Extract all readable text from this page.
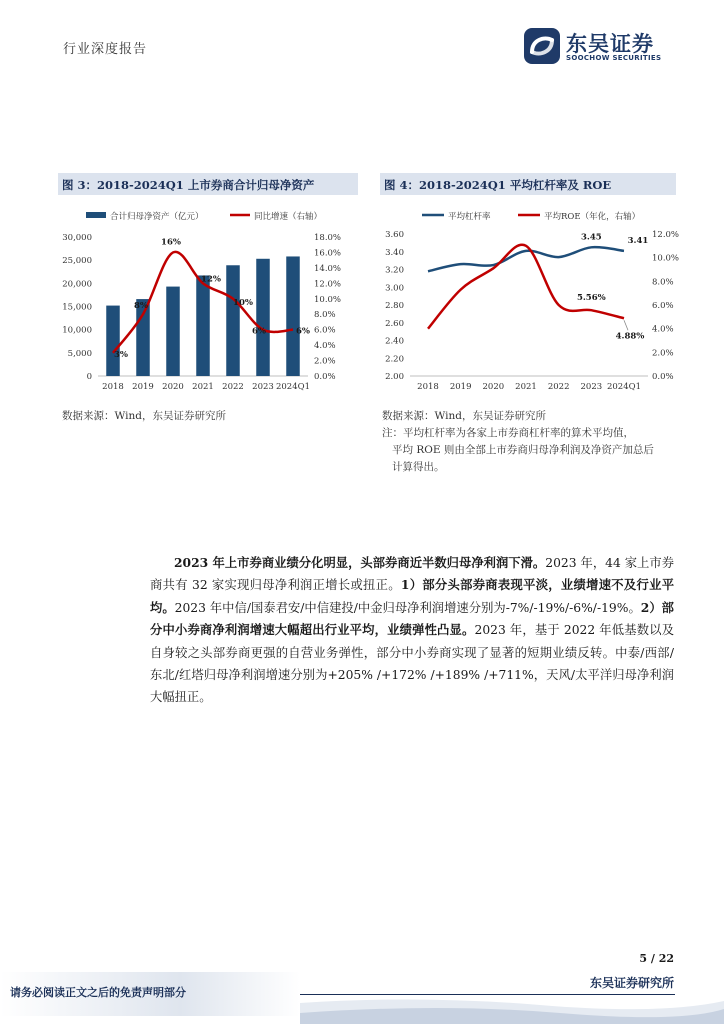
行业深度报告	东吴证券
SOOCHOW SECURITIES
图 3：2018-2024Q1 上市券商合计归母净资产
合计归母净资产（亿元）	同比增速（右轴）
0
5,000
10,000
15,000
20,000
25,000
30,000
0.0%
2.0%
4.0%
6.0%
8.0%
10.0%
12.0%
14.0%
16.0%
18.0%
2018 2019 2020 2021 2022 2023 2024Q1
3%
8%
16%
12%
10%
6%	6%
数据来源：Wind，东吴证券研究所
图 4：2018-2024Q1 平均杠杆率及 ROE
平均杠杆率	平均ROE（年化，右轴）
2.00
2.20
2.40
2.60
2.80
3.00
3.20
3.40
3.60
0.0%
2.0%
4.0%
6.0%
8.0%
10.0%
12.0%
2018 2019 2020 2021 2022 2023 2024Q1
3.45	3.41
5.56%
4.88%
数据来源：Wind，东吴证券研究所
注：平均杠杆率为各家上市券商杠杆率的算术平均值，
平均 ROE 则由全部上市券商归母净利润及净资产加总后
计算得出。
2023 年上市券商业绩分化明显，头部券商近半数归母净利润下滑。2023 年，44 家上市券商共有 32 家实现归母净利润正增长或扭正。1）部分头部券商表现平淡，业绩增速不及行业平均。2023 年中信/国泰君安/中信建投/中金归母净利润增速分别为-7%/-19%/-6%/-19%。2）部分中小券商净利润增速大幅超出行业平均，业绩弹性凸显。2023 年，基于 2022 年低基数以及自身较之头部券商更强的自营业务弹性，部分中小券商实现了显著的短期业绩反转。中泰/西部/东北/红塔归母净利润增速分别为+205% /+172% /+189% /+711%，天风/太平洋归母净利润大幅扭正。
5 / 22
请务必阅读正文之后的免责声明部分
东吴证券研究所
